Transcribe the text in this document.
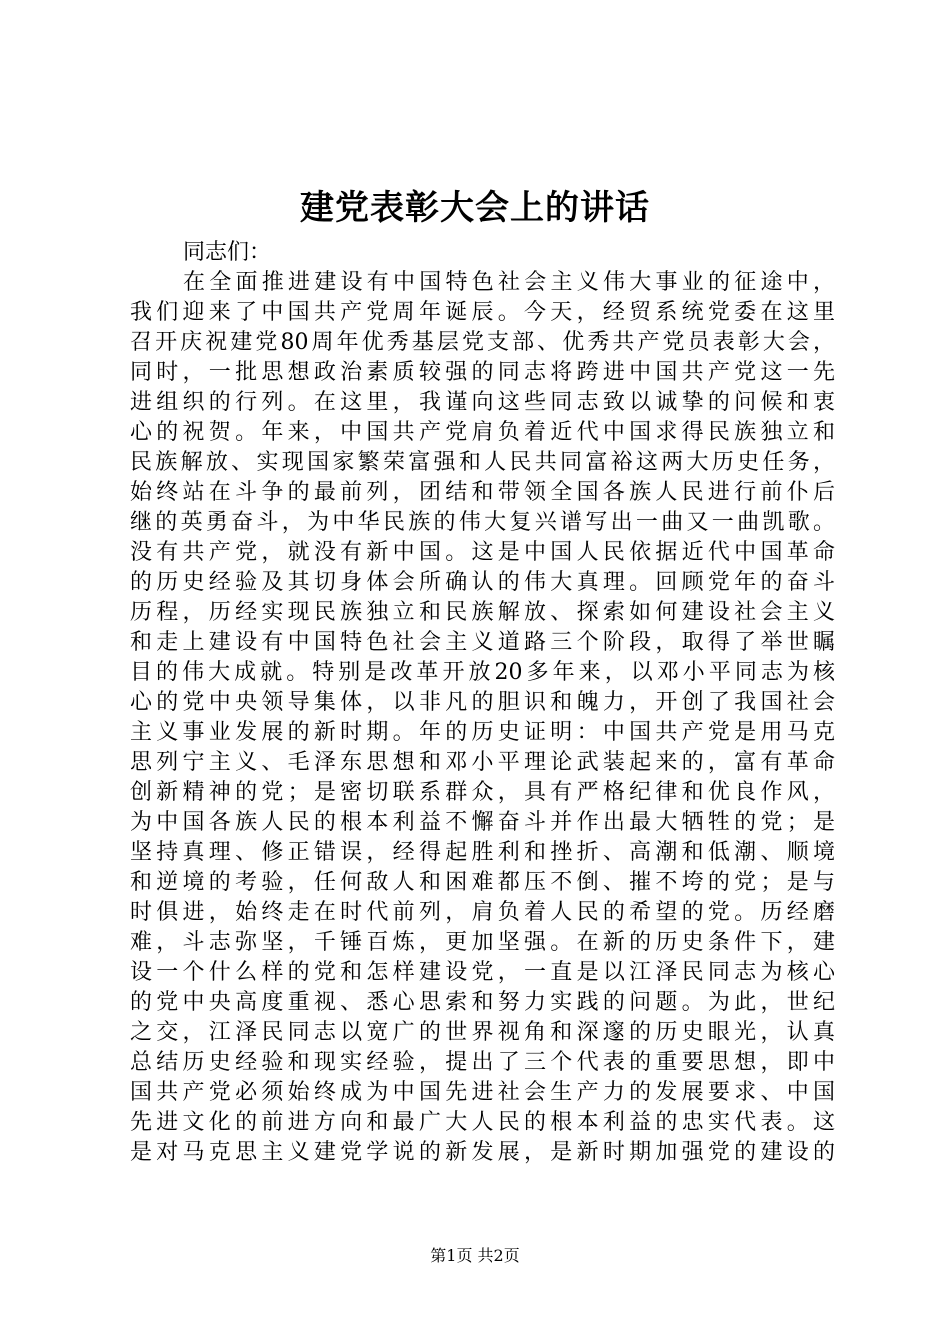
建党表彰大会上的讲话
同志们：
在全面推进建设有中国特色社会主义伟大事业的征途中，
我们迎来了中国共产党周年诞辰。今天，经贸系统党委在这里
召开庆祝建党80周年优秀基层党支部、优秀共产党员表彰大会，
同时，一批思想政治素质较强的同志将跨进中国共产党这一先
进组织的行列。在这里，我谨向这些同志致以诚挚的问候和衷
心的祝贺。年来，中国共产党肩负着近代中国求得民族独立和
民族解放、实现国家繁荣富强和人民共同富裕这两大历史任务，
始终站在斗争的最前列，团结和带领全国各族人民进行前仆后
继的英勇奋斗，为中华民族的伟大复兴谱写出一曲又一曲凯歌。
没有共产党，就没有新中国。这是中国人民依据近代中国革命
的历史经验及其切身体会所确认的伟大真理。回顾党年的奋斗
历程，历经实现民族独立和民族解放、探索如何建设社会主义
和走上建设有中国特色社会主义道路三个阶段，取得了举世瞩
目的伟大成就。特别是改革开放20多年来，以邓小平同志为核
心的党中央领导集体，以非凡的胆识和魄力，开创了我国社会
主义事业发展的新时期。年的历史证明：中国共产党是用马克
思列宁主义、毛泽东思想和邓小平理论武装起来的，富有革命
创新精神的党；是密切联系群众，具有严格纪律和优良作风，
为中国各族人民的根本利益不懈奋斗并作出最大牺牲的党；是
坚持真理、修正错误，经得起胜利和挫折、高潮和低潮、顺境
和逆境的考验，任何敌人和困难都压不倒、摧不垮的党；是与
时俱进，始终走在时代前列，肩负着人民的希望的党。历经磨
难，斗志弥坚，千锤百炼，更加坚强。在新的历史条件下，建
设一个什么样的党和怎样建设党，一直是以江泽民同志为核心
的党中央高度重视、悉心思索和努力实践的问题。为此，世纪
之交，江泽民同志以宽广的世界视角和深邃的历史眼光，认真
总结历史经验和现实经验，提出了三个代表的重要思想，即中
国共产党必须始终成为中国先进社会生产力的发展要求、中国
先进文化的前进方向和最广大人民的根本利益的忠实代表。这
是对马克思主义建党学说的新发展，是新时期加强党的建设的
第1页 共2页
